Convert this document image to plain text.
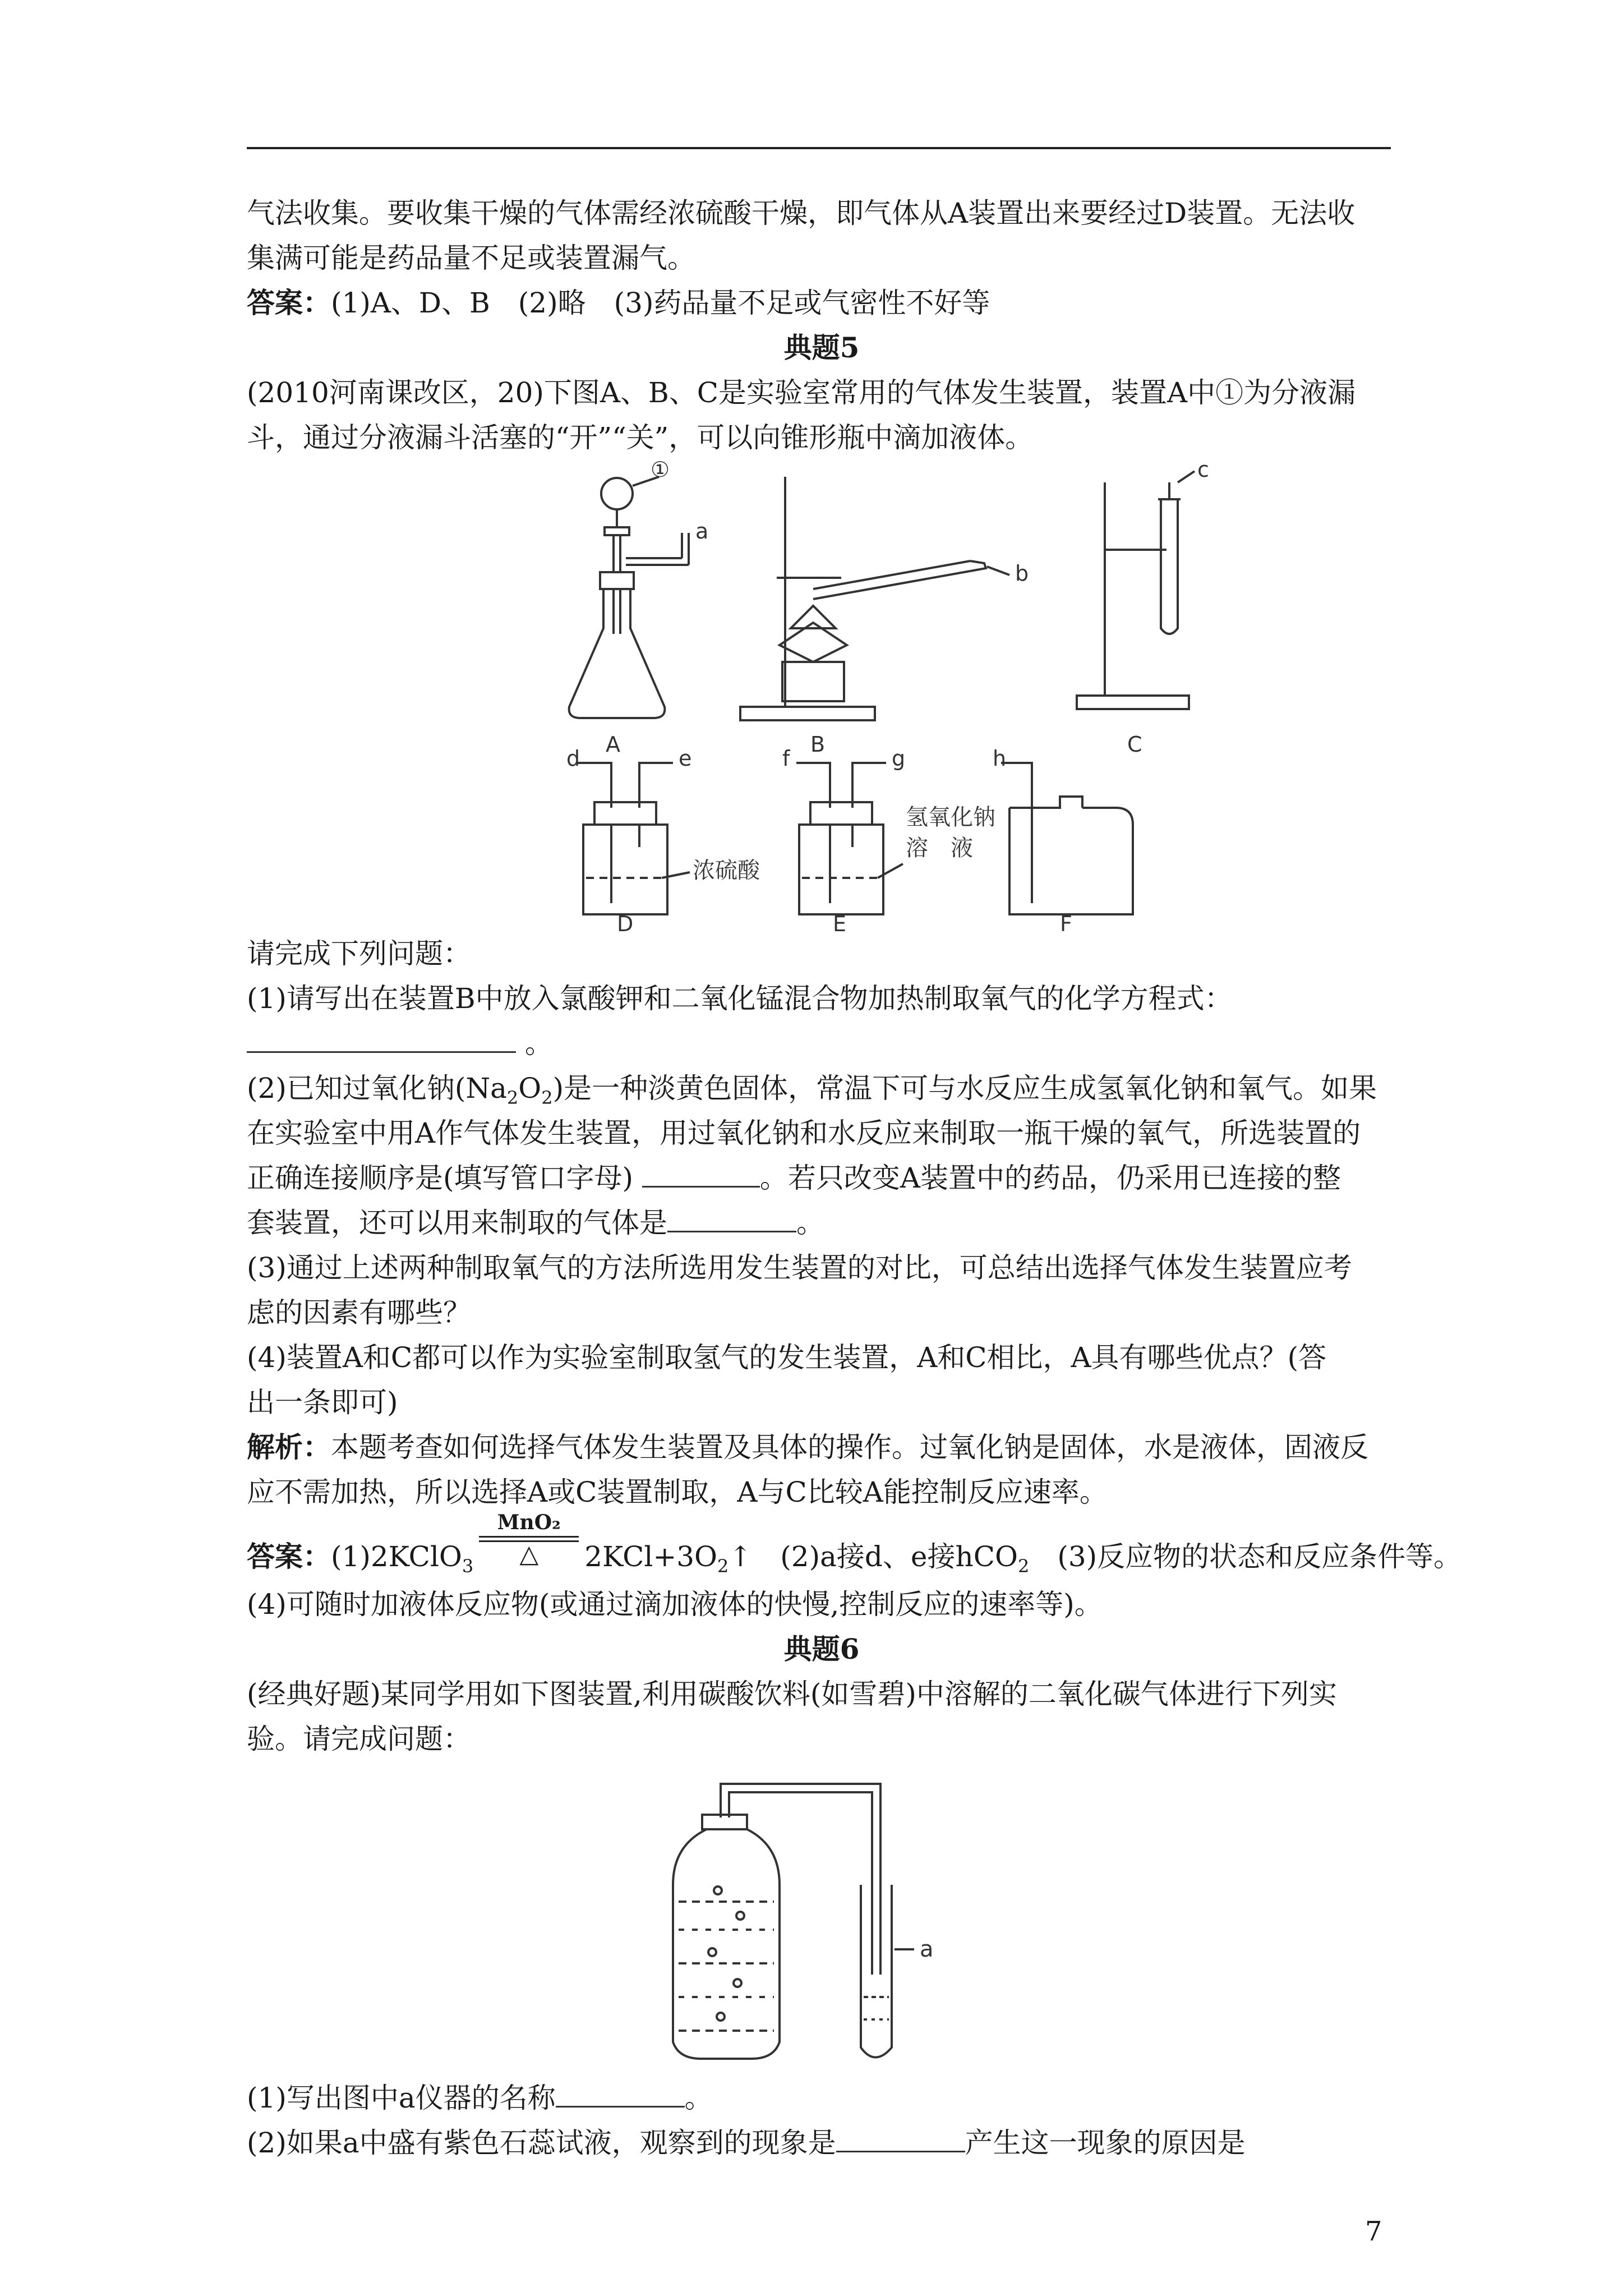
气法收集。要收集干燥的气体需经浓硫酸干燥，即气体从A装置出来要经过D装置。无法收
集满可能是药品量不足或装置漏气。
答案：(1)A、D、B　(2)略　(3)药品量不足或气密性不好等
典题5
(2010河南课改区，20)下图A、B、C是实验室常用的气体发生装置，装置A中①为分液漏
斗，通过分液漏斗活塞的“开”“关”，可以向锥形瓶中滴加液体。
①
a
A
b
B
c
C
d	e
D
f	g
E
h
F
浓硫酸
氢氧化钠
溶　液
请完成下列问题：
(1)请写出在装置B中放入氯酸钾和二氧化锰混合物加热制取氧气的化学方程式：
。
(2)已知过氧化钠$(Na_2O_2)$是一种淡黄色固体，常温下可与水反应生成氢氧化钠和氧气。如果
在实验室中用A作气体发生装置，用过氧化钠和水反应来制取一瓶干燥的氧气，所选装置的
正确连接顺序是(填写管口字母)	。若只改变A装置中的药品，仍采用已连接的整
套装置，还可以用来制取的气体是	。
(3)通过上述两种制取氧气的方法所选用发生装置的对比，可总结出选择气体发生装置应考
虑的因素有哪些？
(4)装置A和C都可以作为实验室制取氢气的发生装置，A和C相比，A具有哪些优点？(答
出一条即可)
解析：本题考查如何选择气体发生装置及具体的操作。过氧化钠是固体，水是液体，固液反
应不需加热，所以选择A或C装置制取，A与C比较A能控制反应速率。
答案：(1)2KClO$_3$
MnO₂
△	$2KCl+3O_2↑$　(2)a接d、e接hCO$_2$　(3)反应物的状态和反应条件等。
(4)可随时加液体反应物(或通过滴加液体的快慢,控制反应的速率等)。
典题6
(经典好题)某同学用如下图装置,利用碳酸饮料(如雪碧)中溶解的二氧化碳气体进行下列实
验。请完成问题：
a
(1)写出图中a仪器的名称	。
(2)如果a中盛有紫色石蕊试液，观察到的现象是	产生这一现象的原因是
7
